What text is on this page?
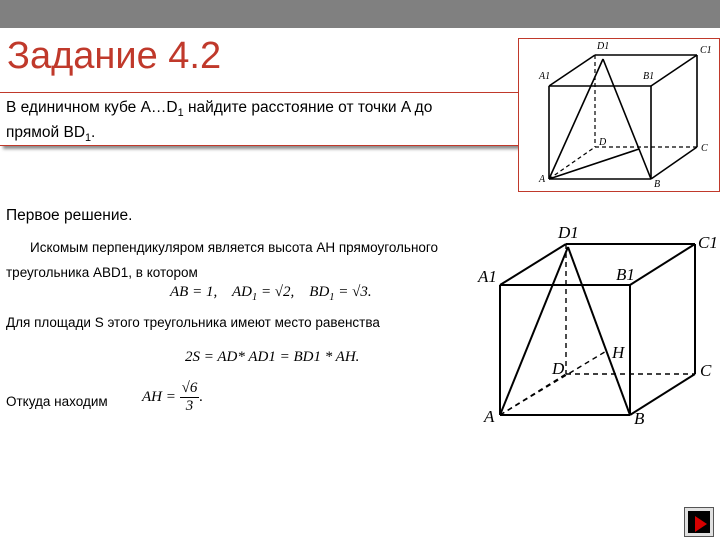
Задание 4.2
В единичном кубе $A\dots D_1$ найдите расстояние от точки A до
прямой $BD_1$.
D1	C1
A1	B1
D
C
A	B
Первое решение.
Искомым перпендикуляром является высота AH прямоугольного
треугольника ABD1, в котором
AB = 1, $AD_1 = √2$, $BD_1 = √3$.
Для площади S этого треугольника имеют место равенства
2S = AD* AD1 = BD1 * AH.
Откуда находим AH = $\frac{√6}{3}$ .
D1
C1
A1	B1
D	C
A	B
H
